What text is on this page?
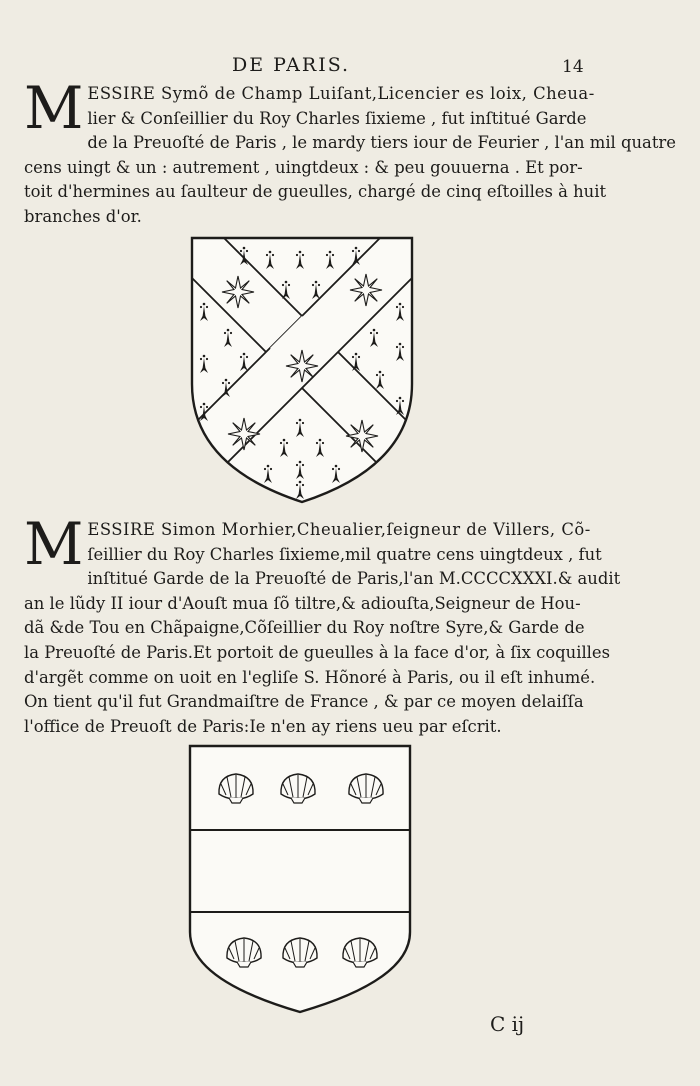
DE PARIS.	14
M ESSIRE Symõ de Champ Luiſant,Licencier es loix, Cheua-
lier & Conſeillier du Roy Charles ſixieme , fut inſtitué Garde
de la Preuoſté de Paris , le mardy tiers iour de Feurier , l'an mil quatre
cens uingt & un : autrement , uingtdeux : & peu gouuerna . Et por-
toit d'hermines au ſaulteur de gueulles, chargé de cinq eſtoilles à huit
branches d'or.
M ESSIRE Simon Morhier,Cheualier,ſeigneur de Villers, Cõ-
ſeillier du Roy Charles ſixieme,mil quatre cens uingtdeux , fut
inſtitué Garde de la Preuoſté de Paris,l'an M.CCCCXXXI.& audit
an le lũdy II iour d'Aouſt mua ſõ tiltre,& adiouſta,Seigneur de Hou-
dã &de Tou en Chãpaigne,Cõſeillier du Roy noſtre Syre,& Garde de
la Preuoſté de Paris.Et portoit de gueulles à la face d'or, à ſix coquilles
d'argẽt comme on uoit en l'egliſe S. Hõnoré à Paris, ou il eſt inhumé.
On tient qu'il fut Grandmaiſtre de France , & par ce moyen delaiſſa
l'office de Preuoſt de Paris:Ie n'en ay riens ueu par eſcrit.
C ij
